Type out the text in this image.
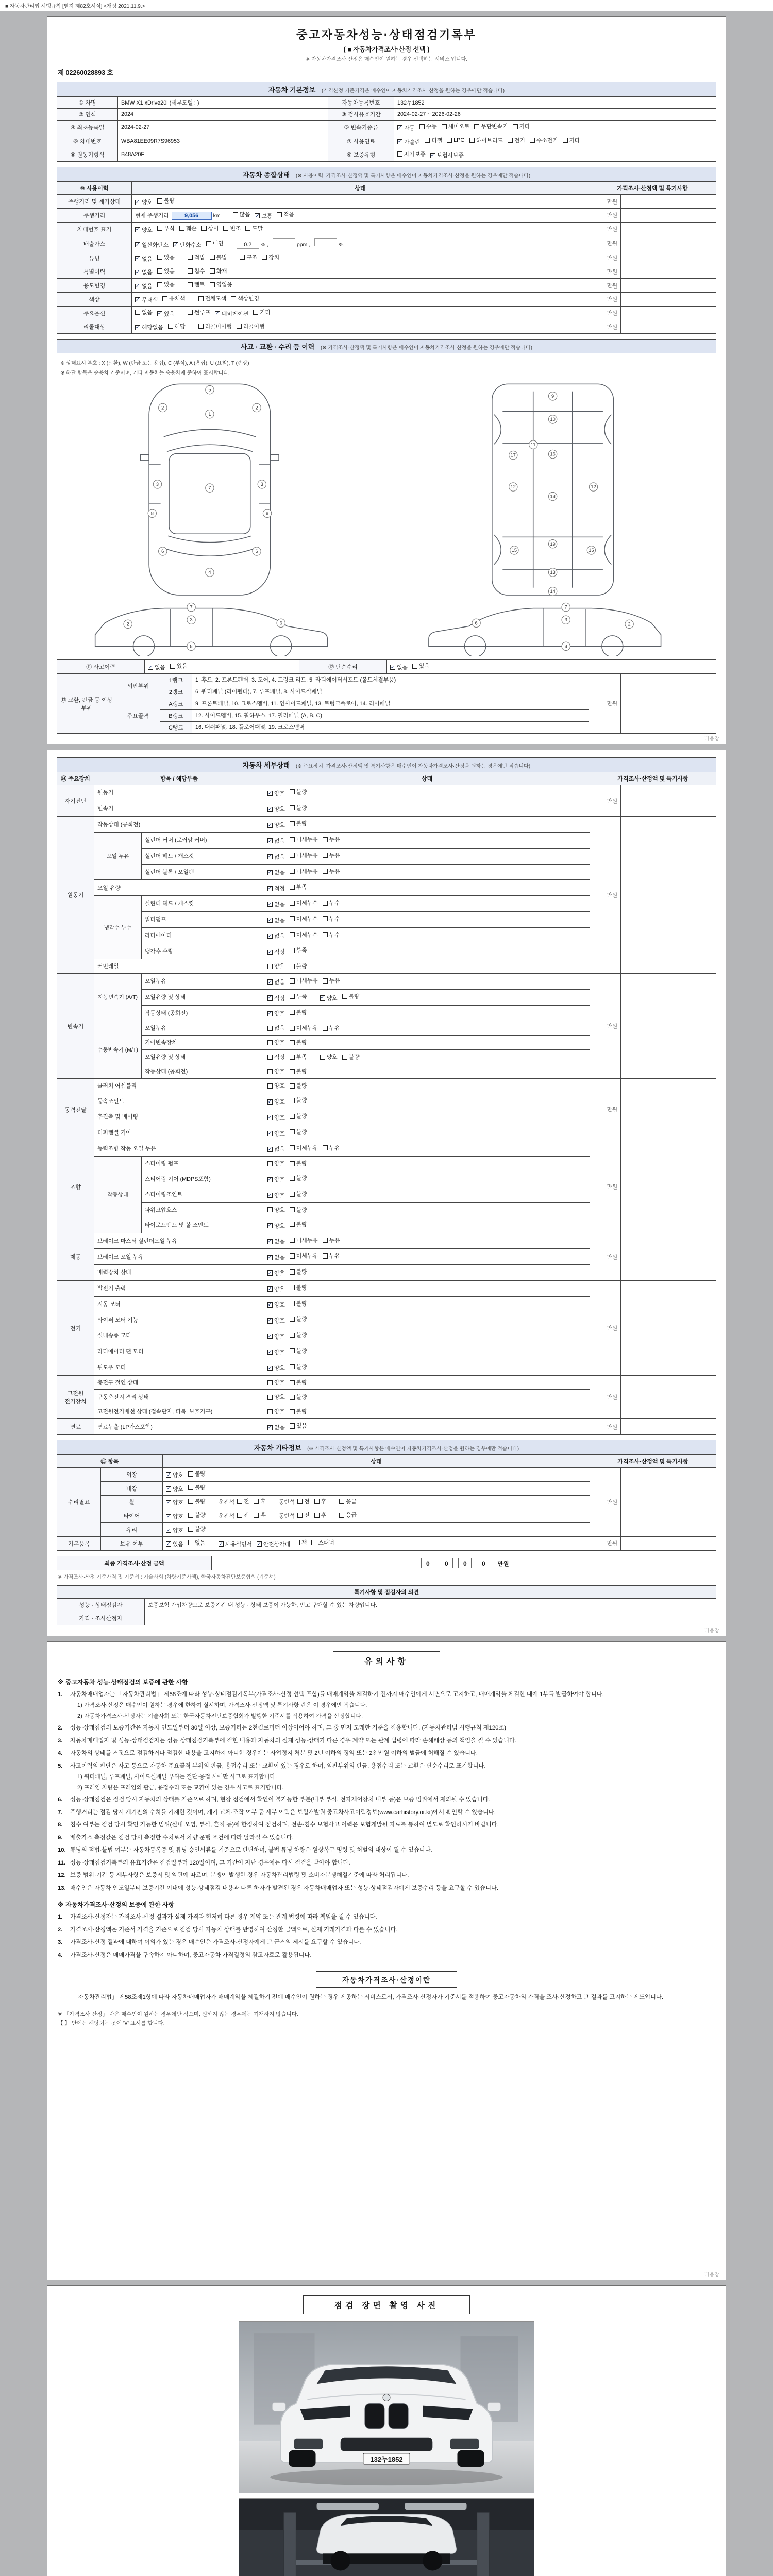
■ 자동차관리법 시행규칙 [별지 제82호서식] <개정 2021.11.9.>
중고자동차성능·상태점검기록부
( ■ 자동차가격조사·산정 선택 )
※ 자동차가격조사·산정은 매수인이 원하는 경우 선택하는 서비스 입니다.
제 02260028893 호
자동차 기본정보 (가격산정 기준가격은 매수인이 자동차가격조사·산정을 원하는 경우에만 적습니다)
① 차명	BMW X1 xDrive20i (세부모델 : )	자동차등록번호	132누1852
② 연식	2024	③ 검사유효기간	2024-02-27 ~ 2026-02-26
④ 최초등록일	2024-02-27	⑤ 변속기종류	
✓자동 수동 세미오토 무단변속기 기타

⑥ 차대번호	WBA81EE09R7S96953	⑦ 사용연료	
✓가솔린 디젤 LPG 하이브리드 전기 수소전기 기타

⑧ 원동기형식	B48A20F	⑨ 보증유형	자가보증 ✓ 보험사보증
자동차 종합상태 (※ 사용이력, 가격조사·산정액 및 특기사항은 매수인이 자동차가격조사·산정을 원하는 경우에만 적습니다)
⑩ 사용이력	상태	가격조사·산정액 및 특기사항	
주행거리 및 계기상태	
✓양호 불량	만원	
주행거리	현재 주행거리 9,056 km 많음 ✓ 보통 적음	만원	
차대번호 표기	
✓양호 부식 훼손 상이 변조 도말	만원	
배출가스	
✓일산화탄소 ✓ 탄화수소 매연 0.2 % , ppm , %	만원	
튜닝	
✓없음 있음	적법 불법	구조 장치	만원	
특별이력	
✓없음 있음 침수 화재	만원	
용도변경	
✓없음 있음 렌트 영업용	만원	
색상	
✓무채색 유채색 전체도색 색상변경	만원	
주요옵션	없음 ✓ 있음 썬루프 ✓ 네비게이션 기타	만원	
리콜대상	
✓해당없음 해당 리콜미이행 리콜이행	만원	
사고 · 교환 · 수리 등 이력 (※ 가격조사·산정액 및 특기사항은 매수인이 자동차가격조사·산정을 원하는 경우에만 적습니다)
※ 상태표시 부호 : X (교환), W (판금 또는 용접), C (부식), A (흠집), U (요철), T (손상)
※ 하단 항목은 승용차 기준이며, 기타 자동차는 승용차에 준하여 표시합니다.
5
1
2	2
3	3
7
6	6
4
8	8
9
10
11
17	16
12	12
18
15	15
19
13
14
2
3
6
7
8
6
3
2
7
8
⑪ 사고이력	
✓없음 있음	⑫ 단순수리	
✓없음 있음
⑬ 교환, 판금 등 이상 부위	외판부위	1랭크	1. 후드, 2. 프론트펜더, 3. 도어, 4. 트렁크 리드, 5. 라디에이터서포트 (볼트체결부품)	만원	
		2랭크	6. 쿼터패널 (리어펜더), 7. 루프패널, 8. 사이드실패널		
	주요골격	A랭크	9. 프론트패널, 10. 크로스멤버, 11. 인사이드패널, 13. 트렁크플로어, 14. 리어패널		
		B랭크	12. 사이드멤버, 15. 휠하우스, 17. 필러패널 (A, B, C)		
		C랭크	16. 대쉬패널, 18. 플로어패널, 19. 크로스멤버		
다음장
자동차 세부상태 (※ 주요장치, 가격조사·산정액 및 특기사항은 매수인이 자동차가격조사·산정을 원하는 경우에만 적습니다)
⑭ 주요장치	항목 / 해당부품		상태	가격조사·산정액 및 특기사항	
자기진단	원동기	
✓양호 불량	만원	
	변속기	
✓양호 불량

원동기	작동상태 (공회전)	
✓양호 불량	만원	
	오일 누유	실린더 커버 (로커암 커버)	
✓없음 미세누유 누유

		실린더 헤드 / 개스킷	
✓없음 미세누유 누유

		실린더 블록 / 오일팬	
✓없음 미세누유 누유

	오일 유량	
✓적정 부족

	냉각수 누수	실린더 헤드 / 개스킷	
✓없음 미세누수 누수

		워터펌프	
✓없음 미세누수 누수

		라디에이터	
✓없음 미세누수 누수

		냉각수 수량	
✓적정 부족

	커먼레일		양호 불량		

변속기	자동변속기 (A/T)	오일누유	
✓없음 미세누유 누유	만원	
		오일유량 및 상태	
✓적정 부족 ✓ 양호 불량

		작동상태 (공회전)	
✓양호 불량

	수동변속기 (M/T)	오일누유	없음 미세누유 누유		

		기어변속장치	양호 불량		

		오일유량 및 상태	적정 부족 양호 불량		

		작동상태 (공회전)	양호 불량		

동력전달	클러치 어셈블리		양호 불량	만원	
	등속조인트	
✓양호 불량

	추진축 및 베어링	
✓양호 불량

	디퍼렌셜 기어	
✓양호 불량

조향	동력조향 작동 오일 누유	
✓없음 미세누유 누유	만원	
	작동상태	스티어링 펌프	양호 불량		

		스티어링 기어 (MDPS포함)	
✓양호 불량

		스티어링조인트	
✓양호 불량

		파워고압호스	양호 불량		

		타이로드엔드 및 볼 조인트	
✓양호 불량

제동	브레이크 마스터 실린더오일 누유	
✓없음 미세누유 누유	만원	
	브레이크 오일 누유	
✓없음 미세누유 누유

	배력장치 상태	
✓양호 불량

전기	발전기 출력	
✓양호 불량	만원	
	시동 모터	
✓양호 불량

	와이퍼 모터 기능	
✓양호 불량

	실내송풍 모터	
✓양호 불량

	라디에이터 팬 모터	
✓양호 불량

	윈도우 모터	
✓양호 불량

고전원 전기장치	충전구 절연 상태		양호 불량	만원	
	구동축전지 격리 상태		양호 불량		

	고전원전기배선 상태 (접속단자, 피복, 보호기구)		양호 불량		

연료	연료누출 (LP가스포함)	
✓없음 있음	만원	
자동차 기타정보 (※ 가격조사·산정액 및 특기사항은 매수인이 자동차가격조사·산정을 원하는 경우에만 적습니다)
⑮ 항목		상태	가격조사·산정액 및 특기사항	
수리필요	외장	
✓양호 불량	만원	
	내장	
✓양호 불량

휠	
✓양호 불량 운전석 전 후 동반석 전 후	응급

타이어	
✓양호 불량 운전석 전 후 동반석 전 후	응급

	유리	
✓양호 불량

기본품목	보유 여부	
✓있음 없음 ✓	사용설명서 ✓ 안전삼각대 잭 스패너	만원	
최종 가격조사·산정 금액	0 0 0 0 만원
※ 가격조사·산정 기준가격 및 기준서 : 기술사회 (차량기준가액), 한국자동차진단보증협회 (기준서)
특기사항 및 점검자의 의견	
성능 · 상태점검자	보증보험 가입차량으로 보증기간 내 성능 · 상태 보증이 가능한, 믿고 구매할 수 있는 차량입니다.
가격 · 조사산정자	
다음장
유의사항
※ 중고자동차 성능·상태점검의 보증에 관한 사항
1.	자동차매매업자는 「자동차관리법」 제58조에 따라 성능·상태점검기록부(가격조사·산정 선택 포함)를 매매계약을 체결하기 전까지 매수인에게 서면으로 고지하고, 매매계약을 체결한 때에 1부를 발급하여야 합니다.
1) 가격조사·산정은 매수인이 원하는 경우에 한하여 실시하며, 가격조사·산정액 및 특기사항 란은 이 경우에만 적습니다.
2) 자동차가격조사·산정자는 기술사회 또는 한국자동차진단보증협회가 발행한 기준서를 적용하여 가격을 산정합니다.
2.	성능·상태점검의 보증기간은 자동차 인도일부터 30일 이상, 보증거리는 2천킬로미터 이상이어야 하며, 그 중 먼저 도래한 기준을 적용합니다. (자동차관리법 시행규칙 제120조)
3.	자동차매매업자 및 성능·상태점검자는 성능·상태점검기록부에 적힌 내용과 자동차의 실제 성능·상태가 다른 경우 계약 또는 관계 법령에 따라 손해배상 등의 책임을 질 수 있습니다.
4.	자동차의 상태를 거짓으로 점검하거나 점검한 내용을 고지하지 아니한 경우에는 사업정지 처분 및 2년 이하의 징역 또는 2천만원 이하의 벌금에 처해질 수 있습니다.
5.	사고이력의 판단은 사고 등으로 자동차 주요골격 부위의 판금, 용접수리 또는 교환이 있는 경우로 하며, 외판부위의 판금, 용접수리 또는 교환은 단순수리로 표기합니다.
1) 쿼터패널, 루프패널, 사이드실패널 부위는 절단·용접 시에만 사고로 표기합니다.
2) 프레임 차량은 프레임의 판금, 용접수리 또는 교환이 있는 경우 사고로 표기합니다.
6.	성능·상태점검은 점검 당시 자동차의 상태를 기준으로 하며, 현장 점검에서 확인이 불가능한 부분(내부 부식, 전자제어장치 내부 등)은 보증 범위에서 제외될 수 있습니다.
7.	주행거리는 점검 당시 계기판의 수치를 기재한 것이며, 계기 교체·조작 여부 등 세부 이력은 보험개발원 중고차사고이력정보(www.carhistory.or.kr)에서 확인할 수 있습니다.
8.	침수 여부는 점검 당시 확인 가능한 범위(실내 오염, 부식, 흔적 등)에 한정하여 점검하며, 전손·침수 보험사고 이력은 보험개발원 자료를 통하여 별도로 확인하시기 바랍니다.
9.	배출가스 측정값은 점검 당시 측정한 수치로서 차량 운행 조건에 따라 달라질 수 있습니다.
10. 튜닝의 적법·불법 여부는 자동차등록증 및 튜닝 승인서류를 기준으로 판단하며, 불법 튜닝 차량은 원상복구 명령 및 처벌의 대상이 될 수 있습니다.
11. 성능·상태점검기록부의 유효기간은 점검일부터 120일이며, 그 기간이 지난 경우에는 다시 점검을 받아야 합니다.
12. 보증 범위·기간 등 세부사항은 보증서 및 약관에 따르며, 분쟁이 발생한 경우 자동차관리법령 및 소비자분쟁해결기준에 따라 처리됩니다.
13. 매수인은 자동차 인도일부터 보증기간 이내에 성능·상태점검 내용과 다른 하자가 발견된 경우 자동차매매업자 또는 성능·상태점검자에게 보증수리 등을 요구할 수 있습니다.
※ 자동차가격조사·산정의 보증에 관한 사항
1.	가격조사·산정자는 가격조사·산정 결과가 실제 가격과 현저히 다른 경우 계약 또는 관계 법령에 따라 책임을 질 수 있습니다.
2.	가격조사·산정액은 기준서 가격을 기준으로 점검 당시 자동차 상태를 반영하여 산정한 금액으로, 실제 거래가격과 다를 수 있습니다.
3.	가격조사·산정 결과에 대하여 이의가 있는 경우 매수인은 가격조사·산정자에게 그 근거의 제시를 요구할 수 있습니다.
4.	가격조사·산정은 매매가격을 구속하지 아니하며, 중고자동차 가격결정의 참고자료로 활용됩니다.
자동차가격조사·산정이란
「자동차관리법」 제58조제1항에 따라 자동차매매업자가 매매계약을 체결하기 전에 매수인이 원하는 경우 제공하는 서비스로서, 가격조사·산정자가 기준서를 적용하여 중고자동차의 가격을 조사·산정하고 그 결과를 고지하는 제도입니다.
※ 「가격조사·산정」 란은 매수인이 원하는 경우에만 적으며, 원하지 않는 경우에는 기재하지 않습니다.
【 】 안에는 해당되는 곳에 'Ⅴ' 표시를 합니다.
다음장
점검 장면 촬영 사진
132누1852
